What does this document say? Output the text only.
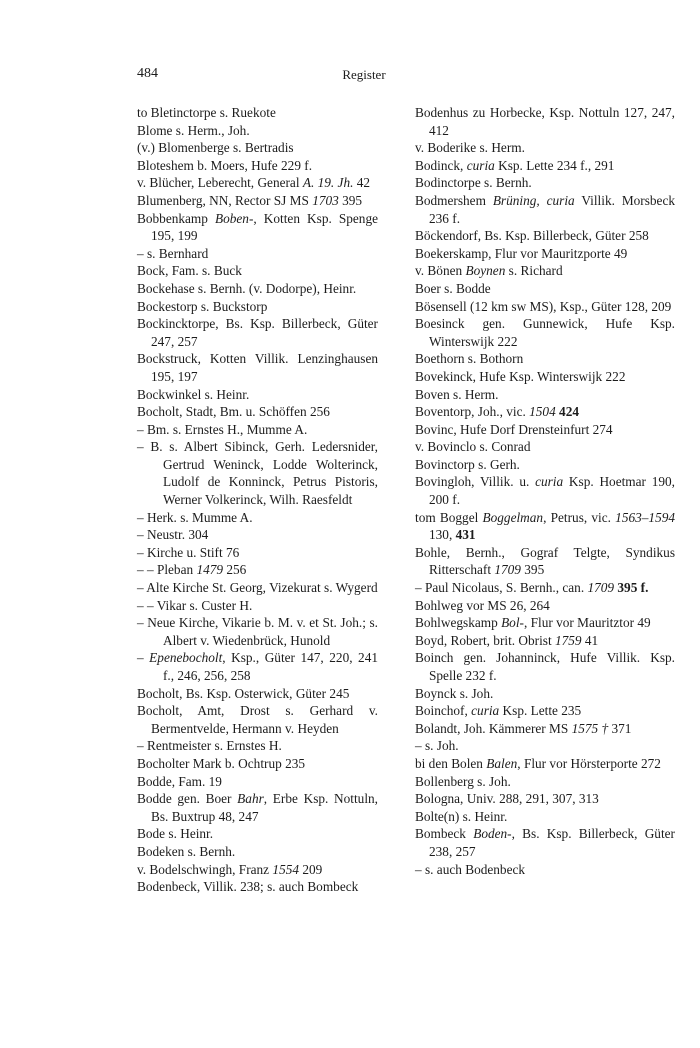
484	Register
to Bletinctorpe s. Ruekote
Blome s. Herm., Joh.
(v.) Blomenberge s. Bertradis
Bloteshem b. Moers, Hufe 229 f.
v. Blücher, Leberecht, General A. 19. Jh. 42
Blumenberg, NN, Rector SJ MS 1703 395
Bobbenkamp Boben-, Kotten Ksp. Spenge 195, 199
– s. Bernhard
Bock, Fam. s. Buck
Bockehase s. Bernh. (v. Dodorpe), Heinr.
Bockestorp s. Buckstorp
Bockincktorpe, Bs. Ksp. Billerbeck, Güter 247, 257
Bockstruck, Kotten Villik. Lenzinghausen 195, 197
Bockwinkel s. Heinr.
Bocholt, Stadt, Bm. u. Schöffen 256
– Bm. s. Ernstes H., Mumme A.
– B. s. Albert Sibinck, Gerh. Ledersnider, Gertrud Weninck, Lodde Wolterinck, Ludolf de Konninck, Petrus Pistoris, Werner Volkerinck, Wilh. Raesfeldt
– Herk. s. Mumme A.
– Neustr. 304
– Kirche u. Stift 76
– – Pleban 1479 256
– Alte Kirche St. Georg, Vizekurat s. Wygerd
– – Vikar s. Custer H.
– Neue Kirche, Vikarie b. M. v. et St. Joh.; s. Albert v. Wiedenbrück, Hunold
– Epenebocholt, Ksp., Güter 147, 220, 241 f., 246, 256, 258
Bocholt, Bs. Ksp. Osterwick, Güter 245
Bocholt, Amt, Drost s. Gerhard v. Bermentvelde, Hermann v. Heyden
– Rentmeister s. Ernstes H.
Bocholter Mark b. Ochtrup 235
Bodde, Fam. 19
Bodde gen. Boer Bahr, Erbe Ksp. Nottuln, Bs. Buxtrup 48, 247
Bode s. Heinr.
Bodeken s. Bernh.
v. Bodelschwingh, Franz 1554 209
Bodenbeck, Villik. 238; s. auch Bombeck
Bodenhus zu Horbecke, Ksp. Nottuln 127, 247, 412
v. Boderike s. Herm.
Bodinck, curia Ksp. Lette 234 f., 291
Bodinctorpe s. Bernh.
Bodmershem Brüning, curia Villik. Morsbeck 236 f.
Böckendorf, Bs. Ksp. Billerbeck, Güter 258
Boekerskamp, Flur vor Mauritzporte 49
v. Bönen Boynen s. Richard
Boer s. Bodde
Bösensell (12 km sw MS), Ksp., Güter 128, 209
Boesinck gen. Gunnewick, Hufe Ksp. Winterswijk 222
Boethorn s. Bothorn
Bovekinck, Hufe Ksp. Winterswijk 222
Boven s. Herm.
Boventorp, Joh., vic. 1504 424
Bovinc, Hufe Dorf Drensteinfurt 274
v. Bovinclo s. Conrad
Bovinctorp s. Gerh.
Bovingloh, Villik. u. curia Ksp. Hoetmar 190, 200 f.
tom Boggel Boggelman, Petrus, vic. 1563–1594 130, 431
Bohle, Bernh., Gograf Telgte, Syndikus Ritterschaft 1709 395
– Paul Nicolaus, S. Bernh., can. 1709 395 f.
Bohlweg vor MS 26, 264
Bohlwegskamp Bol-, Flur vor Mauritztor 49
Boyd, Robert, brit. Obrist 1759 41
Boinch gen. Johanninck, Hufe Villik. Ksp. Spelle 232 f.
Boynck s. Joh.
Boinchof, curia Ksp. Lette 235
Bolandt, Joh. Kämmerer MS 1575 † 371
– s. Joh.
bi den Bolen Balen, Flur vor Hörsterporte 272
Bollenberg s. Joh.
Bologna, Univ. 288, 291, 307, 313
Bolte(n) s. Heinr.
Bombeck Boden-, Bs. Ksp. Billerbeck, Güter 238, 257
– s. auch Bodenbeck
